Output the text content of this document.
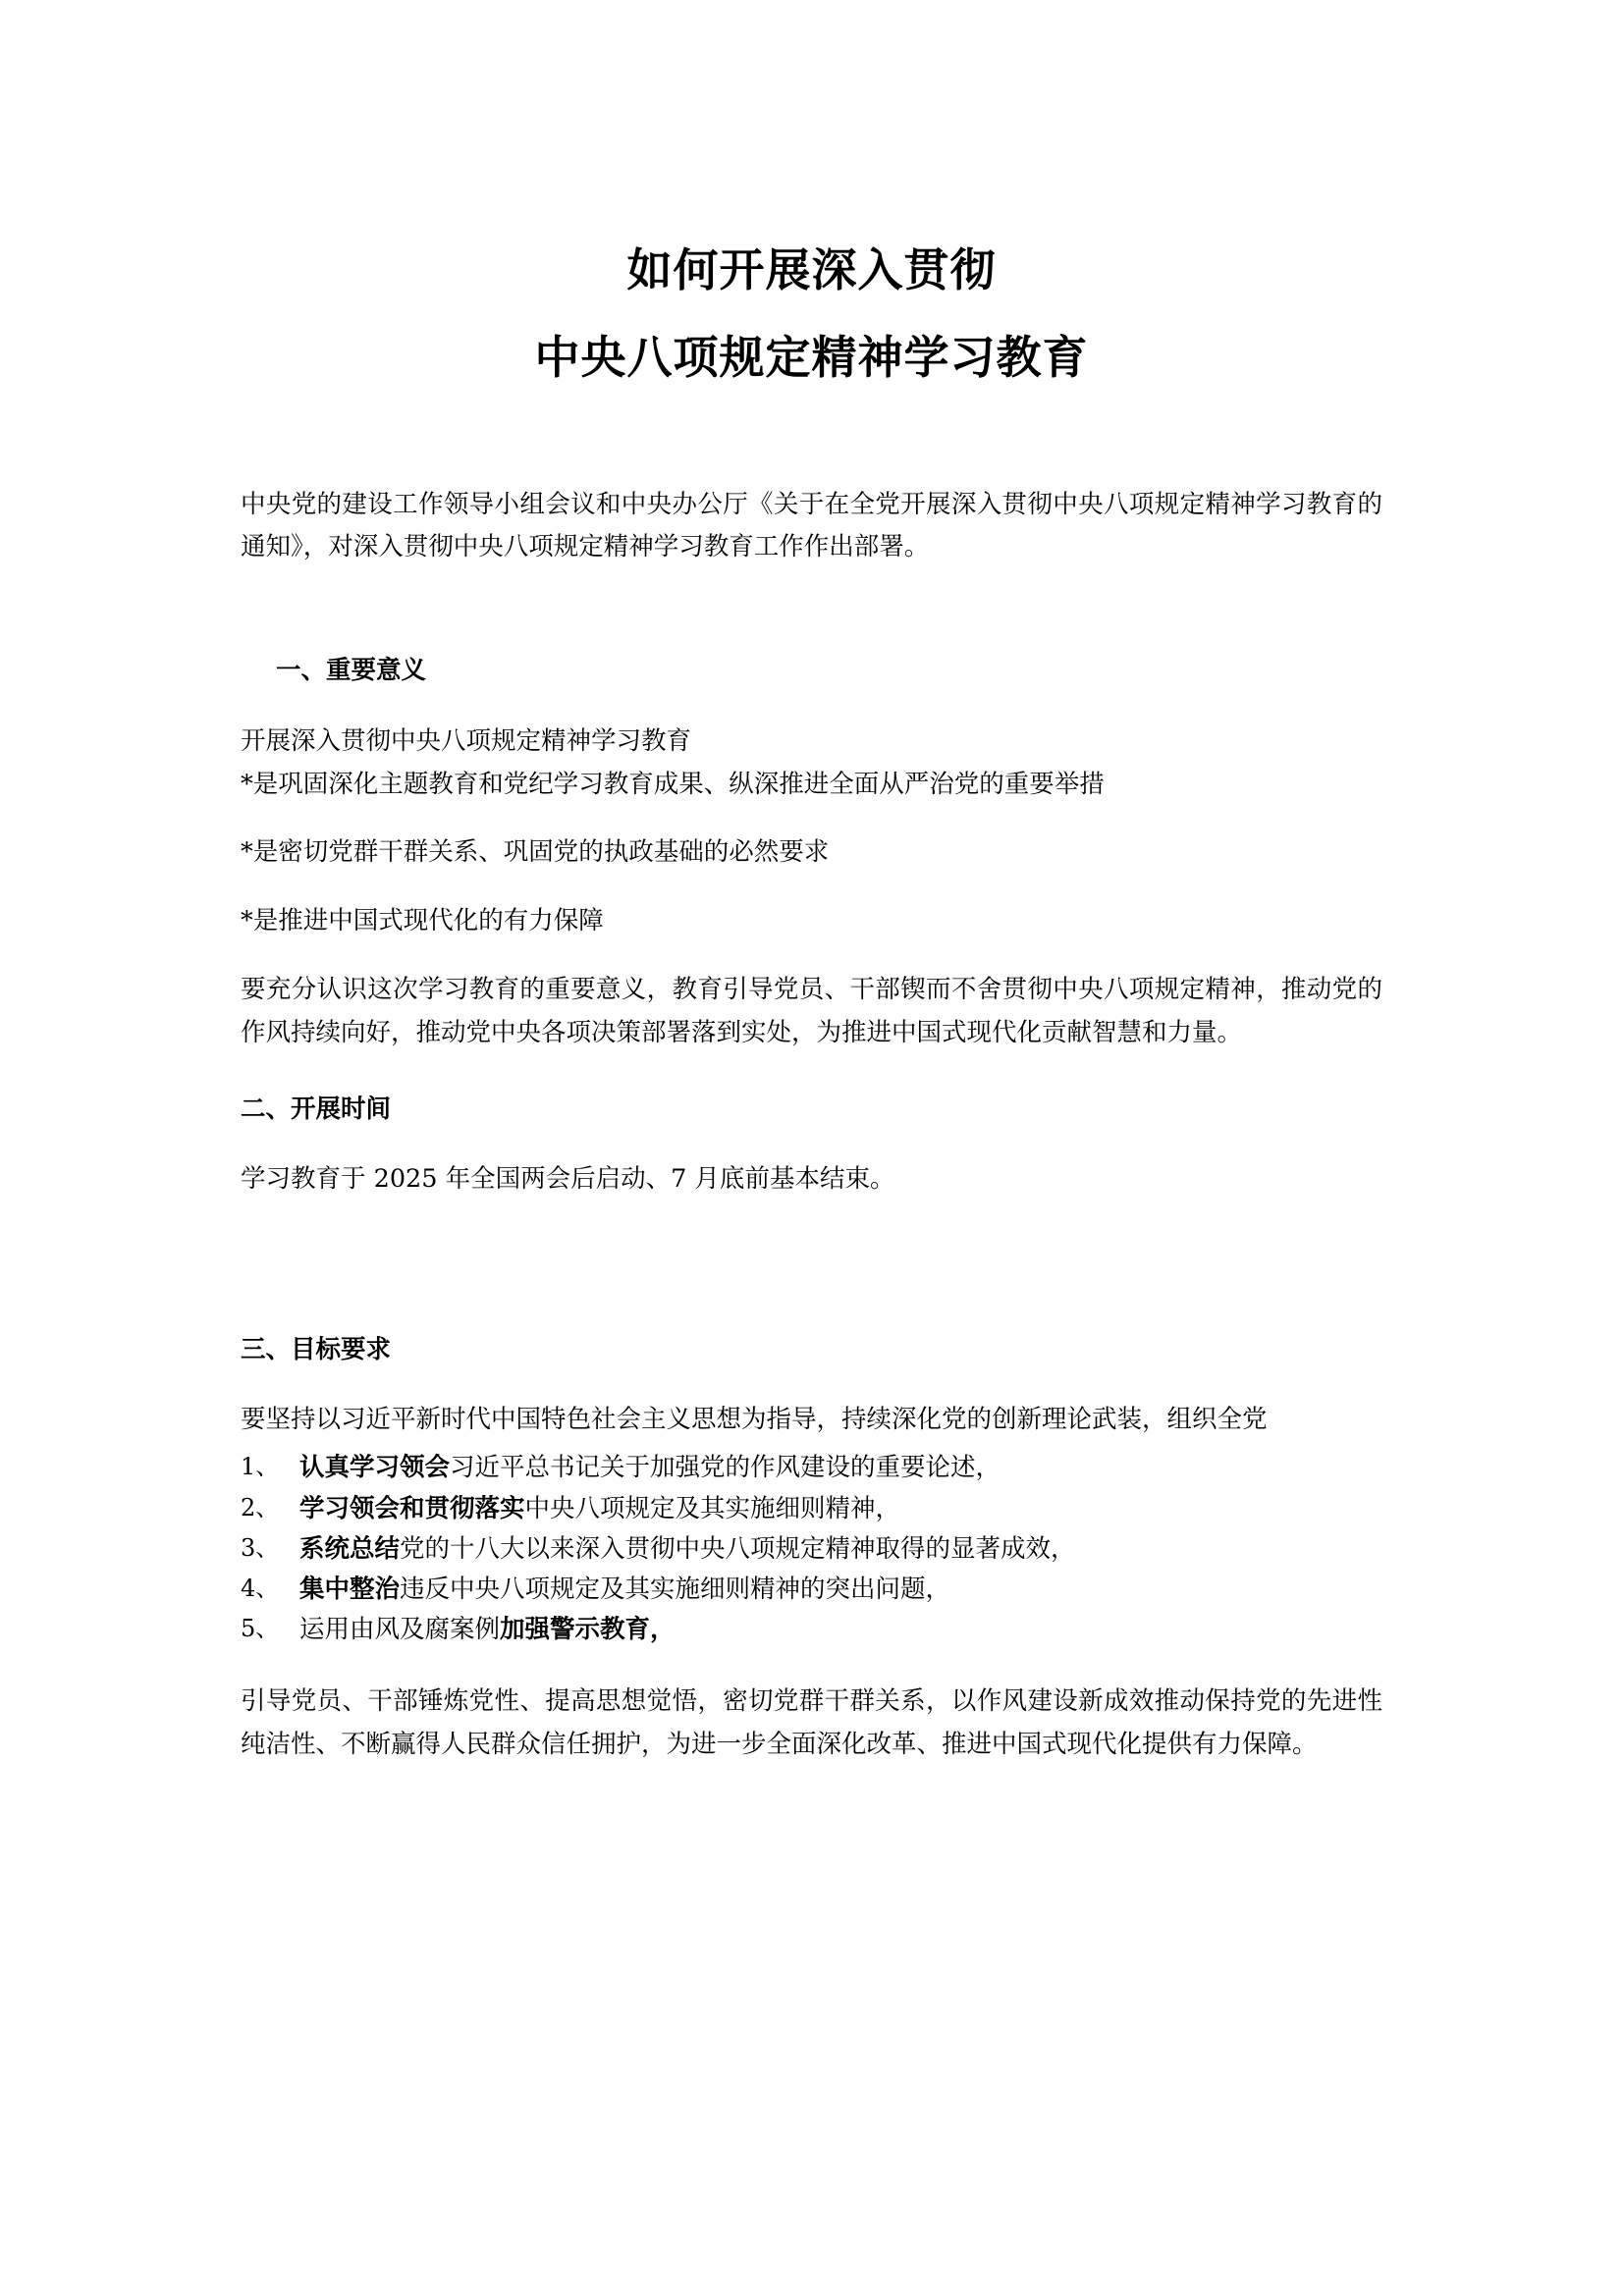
如何开展深入贯彻
中央八项规定精神学习教育

中央党的建设工作领导小组会议和中央办公厅《关于在全党开展深入贯彻中央八项规定精神学习教育的通知》，对深入贯彻中央八项规定精神学习教育工作作出部署。

一、重要意义

开展深入贯彻中央八项规定精神学习教育

*是巩固深化主题教育和党纪学习教育成果、纵深推进全面从严治党的重要举措

*是密切党群干群关系、巩固党的执政基础的必然要求

*是推进中国式现代化的有力保障

要充分认识这次学习教育的重要意义，教育引导党员、干部锲而不舍贯彻中央八项规定精神，推动党的作风持续向好，推动党中央各项决策部署落到实处，为推进中国式现代化贡献智慧和力量。

二、开展时间

学习教育于 2025 年全国两会后启动、7 月底前基本结束。

三、目标要求

要坚持以习近平新时代中国特色社会主义思想为指导，持续深化党的创新理论武装，组织全党

1、 认真学习领会习近平总书记关于加强党的作风建设的重要论述，
2、 学习领会和贯彻落实中央八项规定及其实施细则精神，
3、 系统总结党的十八大以来深入贯彻中央八项规定精神取得的显著成效，
4、 集中整治违反中央八项规定及其实施细则精神的突出问题，
5、 运用由风及腐案例加强警示教育，

引导党员、干部锤炼党性、提高思想觉悟，密切党群干群关系，以作风建设新成效推动保持党的先进性纯洁性、不断赢得人民群众信任拥护，为进一步全面深化改革、推进中国式现代化提供有力保障。
